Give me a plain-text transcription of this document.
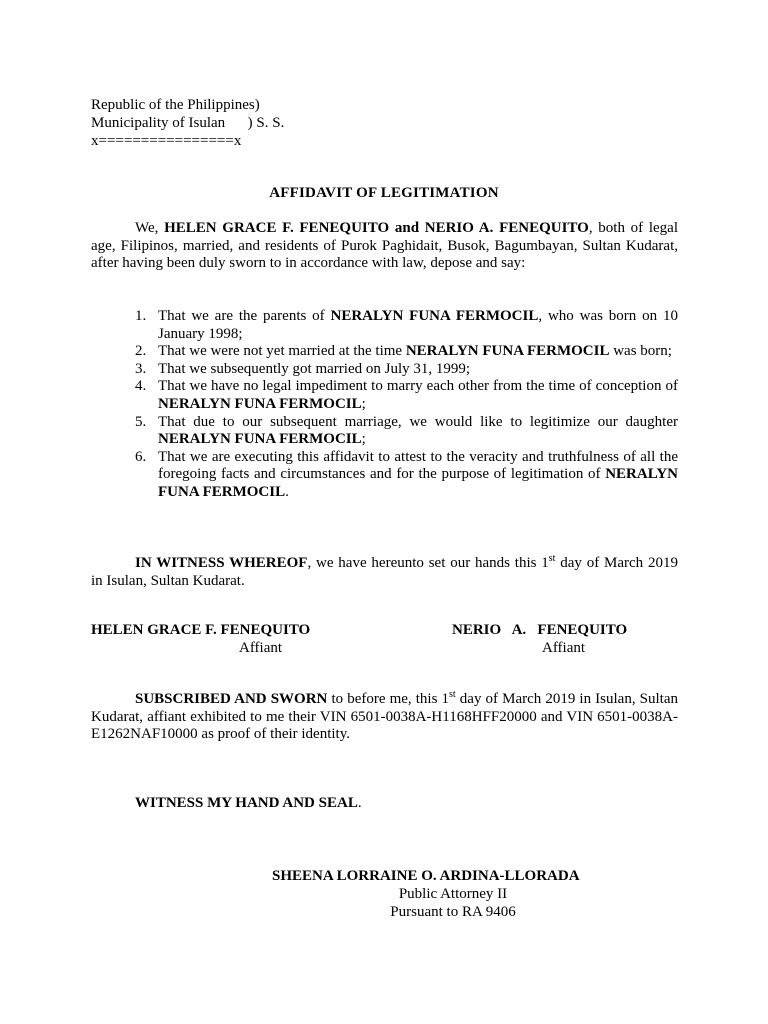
Republic of the Philippines)
Municipality of Isulan ) S. S.
x================x
AFFIDAVIT OF LEGITIMATION
We, HELEN GRACE F. FENEQUITO and NERIO A. FENEQUITO, both of legal age, Filipinos, married, and residents of Purok Paghidait, Busok, Bagumbayan, Sultan Kudarat, after having been duly sworn to in accordance with law, depose and say:
1. That we are the parents of NERALYN FUNA FERMOCIL, who was born on 10 January 1998;
2. That we were not yet married at the time NERALYN FUNA FERMOCIL was born;
3. That we subsequently got married on July 31, 1999;
4. That we have no legal impediment to marry each other from the time of conception of NERALYN FUNA FERMOCIL;
5. That due to our subsequent marriage, we would like to legitimize our daughter NERALYN FUNA FERMOCIL;
6. That we are executing this affidavit to attest to the veracity and truthfulness of all the foregoing facts and circumstances and for the purpose of legitimation of NERALYN FUNA FERMOCIL.
IN WITNESS WHEREOF, we have hereunto set our hands this 1st day of March 2019 in Isulan, Sultan Kudarat.
HELEN GRACE F. FENEQUITO
Affiant
NERIO   A.   FENEQUITO
Affiant
SUBSCRIBED AND SWORN to before me, this 1st day of March 2019 in Isulan, Sultan Kudarat, affiant exhibited to me their VIN 6501-0038A-H1168HFF20000 and VIN 6501-0038A-E1262NAF10000 as proof of their identity.
WITNESS MY HAND AND SEAL.
SHEENA LORRAINE O. ARDINA-LLORADA
Public Attorney II
Pursuant to RA 9406
